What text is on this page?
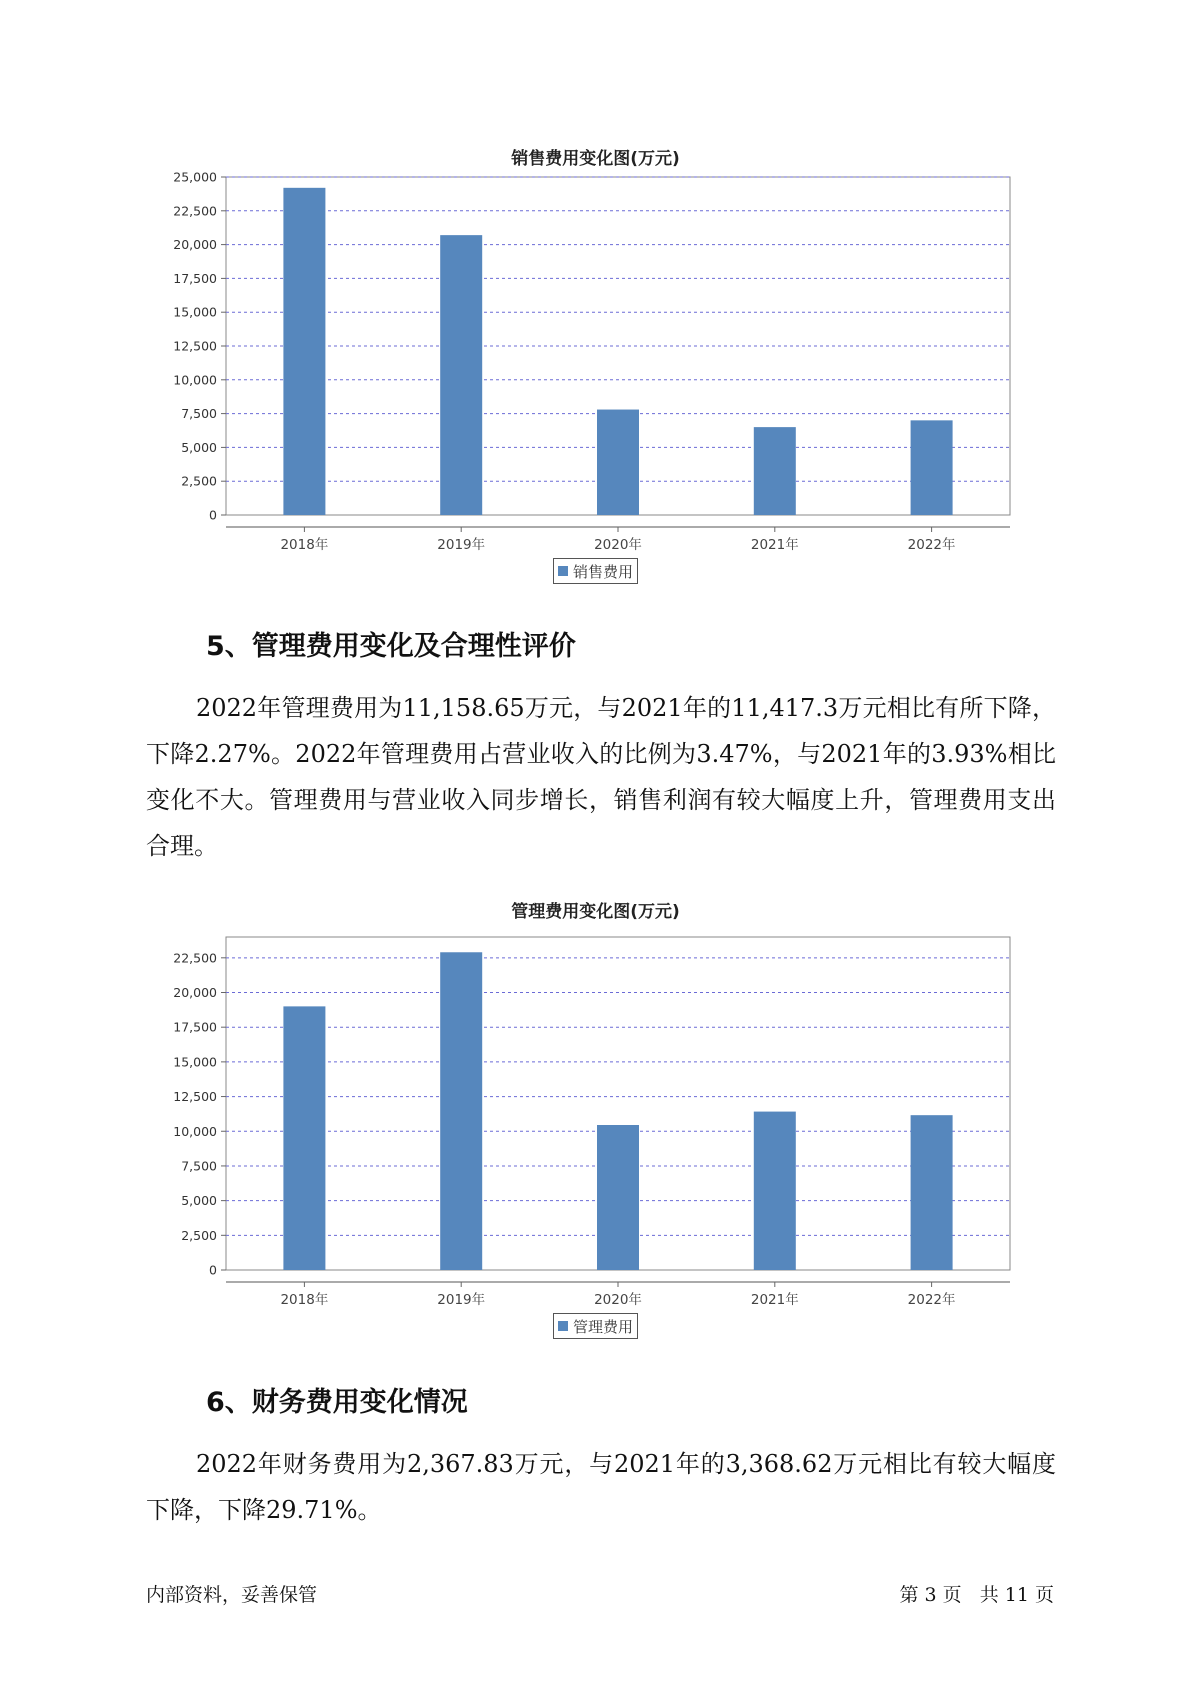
销售费用变化图(万元)
0
2,500
5,000
7,500
10,000
12,500
15,000
17,500
20,000
22,500
25,000
2018年	2019年	2020年	2021年	2022年
销售费用
5、管理费用变化及合理性评价

2022年管理费用为11,158.65万元，与2021年的11,417.3万元相比有所下降，下降2.27%。2022年管理费用占营业收入的比例为3.47%，与2021年的3.93%相比变化不大。管理费用与营业收入同步增长，销售利润有较大幅度上升，管理费用支出合理。

管理费用变化图(万元)
0
2,500
5,000
7,500
10,000
12,500
15,000
17,500
20,000
22,500
2018年	2019年	2020年	2021年	2022年
管理费用
6、财务费用变化情况

2022年财务费用为2,367.83万元，与2021年的3,368.62万元相比有较大幅度下降，下降29.71%。

内部资料，妥善保管	第 3 页   共 11 页
